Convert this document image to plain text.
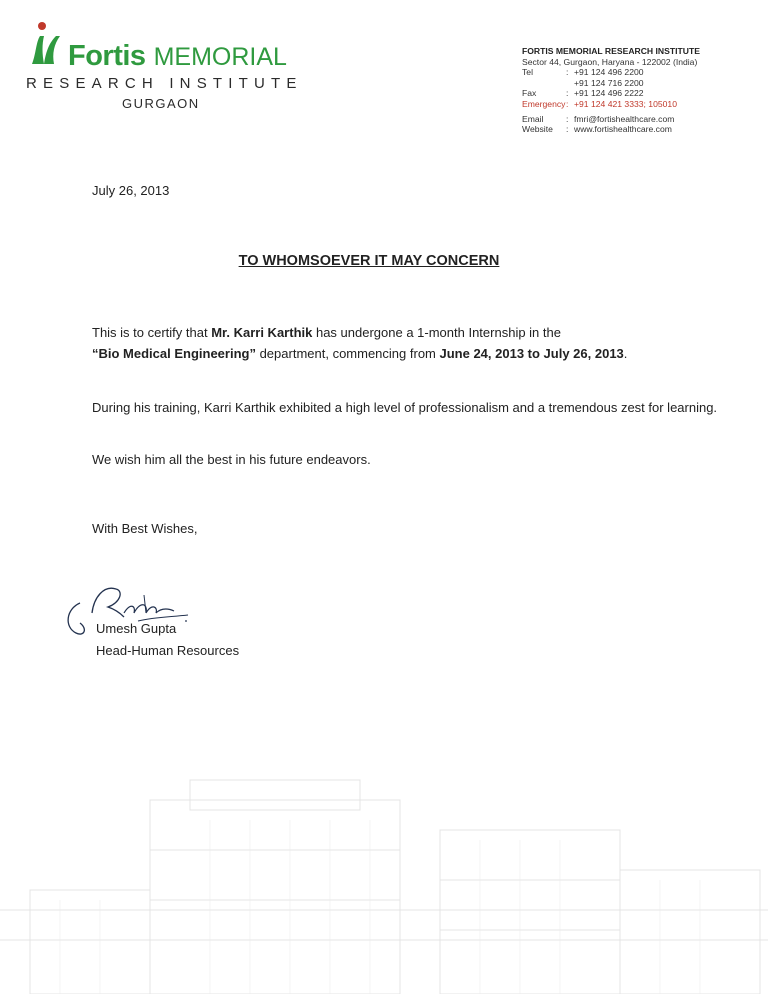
Fortis MEMORIAL
RESEARCH INSTITUTE
GURGAON
FORTIS MEMORIAL RESEARCH INSTITUTE
Sector 44, Gurgaon, Haryana - 122002 (India)
Tel	: +91 124 496 2200
+91 124 716 2200
Fax	: +91 124 496 2222
Emergency : +91 124 421 3333; 105010
Email	: fmri@fortishealthcare.com
Website	: www.fortishealthcare.com
July 26, 2013
TO WHOMSOEVER IT MAY CONCERN
This is to certify that Mr. Karri Karthik has undergone a 1-month Internship in the
“Bio Medical Engineering” department, commencing from June 24, 2013 to July 26, 2013.
During his training, Karri Karthik exhibited a high level of professionalism and a tremendous zest for learning.
We wish him all the best in his future endeavors.
With Best Wishes,
Umesh Gupta
Head-Human Resources
